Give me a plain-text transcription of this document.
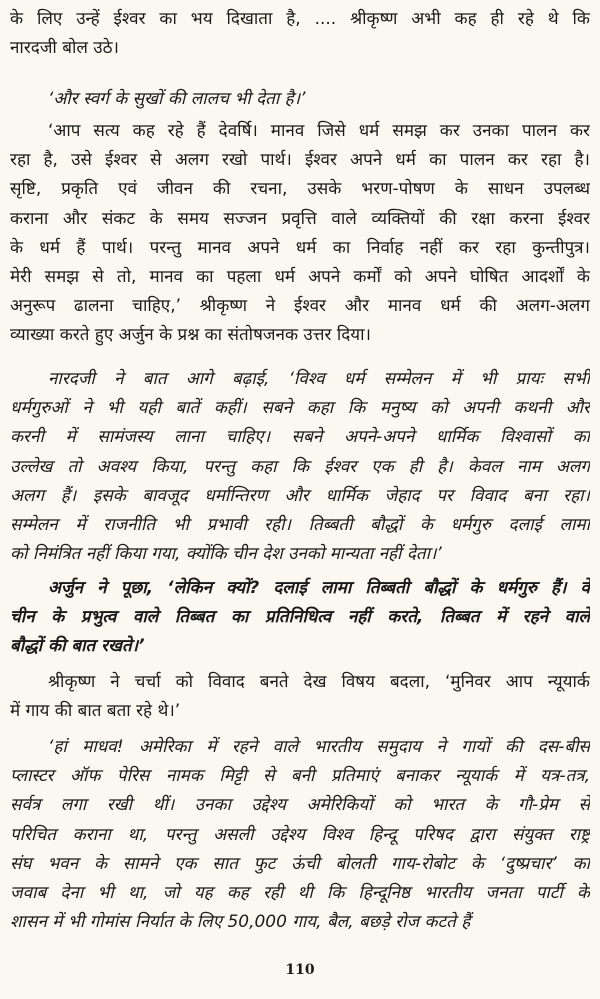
के लिए उन्हें ईश्वर का भय दिखाता है, .... श्रीकृष्ण अभी कह ही रहे थे कि
नारदजी बोल उठे।
‘और स्वर्ग के सुखों की लालच भी देता है।’
‘आप सत्य कह रहे हैं देवर्षि। मानव जिसे धर्म समझ कर उनका पालन कर
रहा है, उसे ईश्वर से अलग रखो पार्थ। ईश्वर अपने धर्म का पालन कर रहा है।
सृष्टि, प्रकृति एवं जीवन की रचना, उसके भरण-पोषण के साधन उपलब्ध
कराना और संकट के समय सज्जन प्रवृत्ति वाले व्यक्तियों की रक्षा करना ईश्वर
के धर्म हैं पार्थ। परन्तु मानव अपने धर्म का निर्वाह नहीं कर रहा कुन्तीपुत्र।
मेरी समझ से तो, मानव का पहला धर्म अपने कर्मों को अपने घोषित आदर्शों के
अनुरूप ढालना चाहिए,’ श्रीकृष्ण ने ईश्वर और मानव धर्म की अलग-अलग
व्याख्या करते हुए अर्जुन के प्रश्न का संतोषजनक उत्तर दिया।
नारदजी ने बात आगे बढ़ाई, ‘विश्व धर्म सम्मेलन में भी प्रायः सभी
धर्मगुरुओं ने भी यही बातें कहीं। सबने कहा कि मनुष्य को अपनी कथनी और
करनी में सामंजस्य लाना चाहिए। सबने अपने-अपने धार्मिक विश्वासों का
उल्लेख तो अवश्य किया, परन्तु कहा कि ईश्वर एक ही है। केवल नाम अलग
अलग हैं। इसके बावजूद धर्मान्तिरण और धार्मिक जेहाद पर विवाद बना रहा।
सम्मेलन में राजनीति भी प्रभावी रही। तिब्बती बौद्धों के धर्मगुरु दलाई लामा
को निमंत्रित नहीं किया गया, क्योंकि चीन देश उनको मान्यता नहीं देता।’
अर्जुन ने पूछा, ‘लेकिन क्यों? दलाई लामा तिब्बती बौद्धों के धर्मगुरु हैं। वे
चीन के प्रभुत्व वाले तिब्बत का प्रतिनिधित्व नहीं करते, तिब्बत में रहने वाले
बौद्धों की बात रखते।’
श्रीकृष्ण ने चर्चा को विवाद बनते देख विषय बदला, ‘मुनिवर आप न्यूयार्क
में गाय की बात बता रहे थे।’
‘हां माधव! अमेरिका में रहने वाले भारतीय समुदाय ने गायों की दस-बीस
प्लास्टर ऑफ पेरिस नामक मिट्टी से बनी प्रतिमाएं बनाकर न्यूयार्क में यत्र-तत्र,
सर्वत्र लगा रखी थीं। उनका उद्देश्य अमेरिकियों को भारत के गौ-प्रेम से
परिचित कराना था, परन्तु असली उद्देश्य विश्व हिन्दू परिषद द्वारा संयुक्त राष्ट्र
संघ भवन के सामने एक सात फुट ऊंची बोलती गाय-रोबोट के ‘दुष्प्रचार’ का
जवाब देना भी था, जो यह कह रही थी कि हिन्दूनिष्ठ भारतीय जनता पार्टी के
शासन में भी गोमांस निर्यात के लिए 50,000 गाय, बैल, बछड़े रोज कटते हैं
110
